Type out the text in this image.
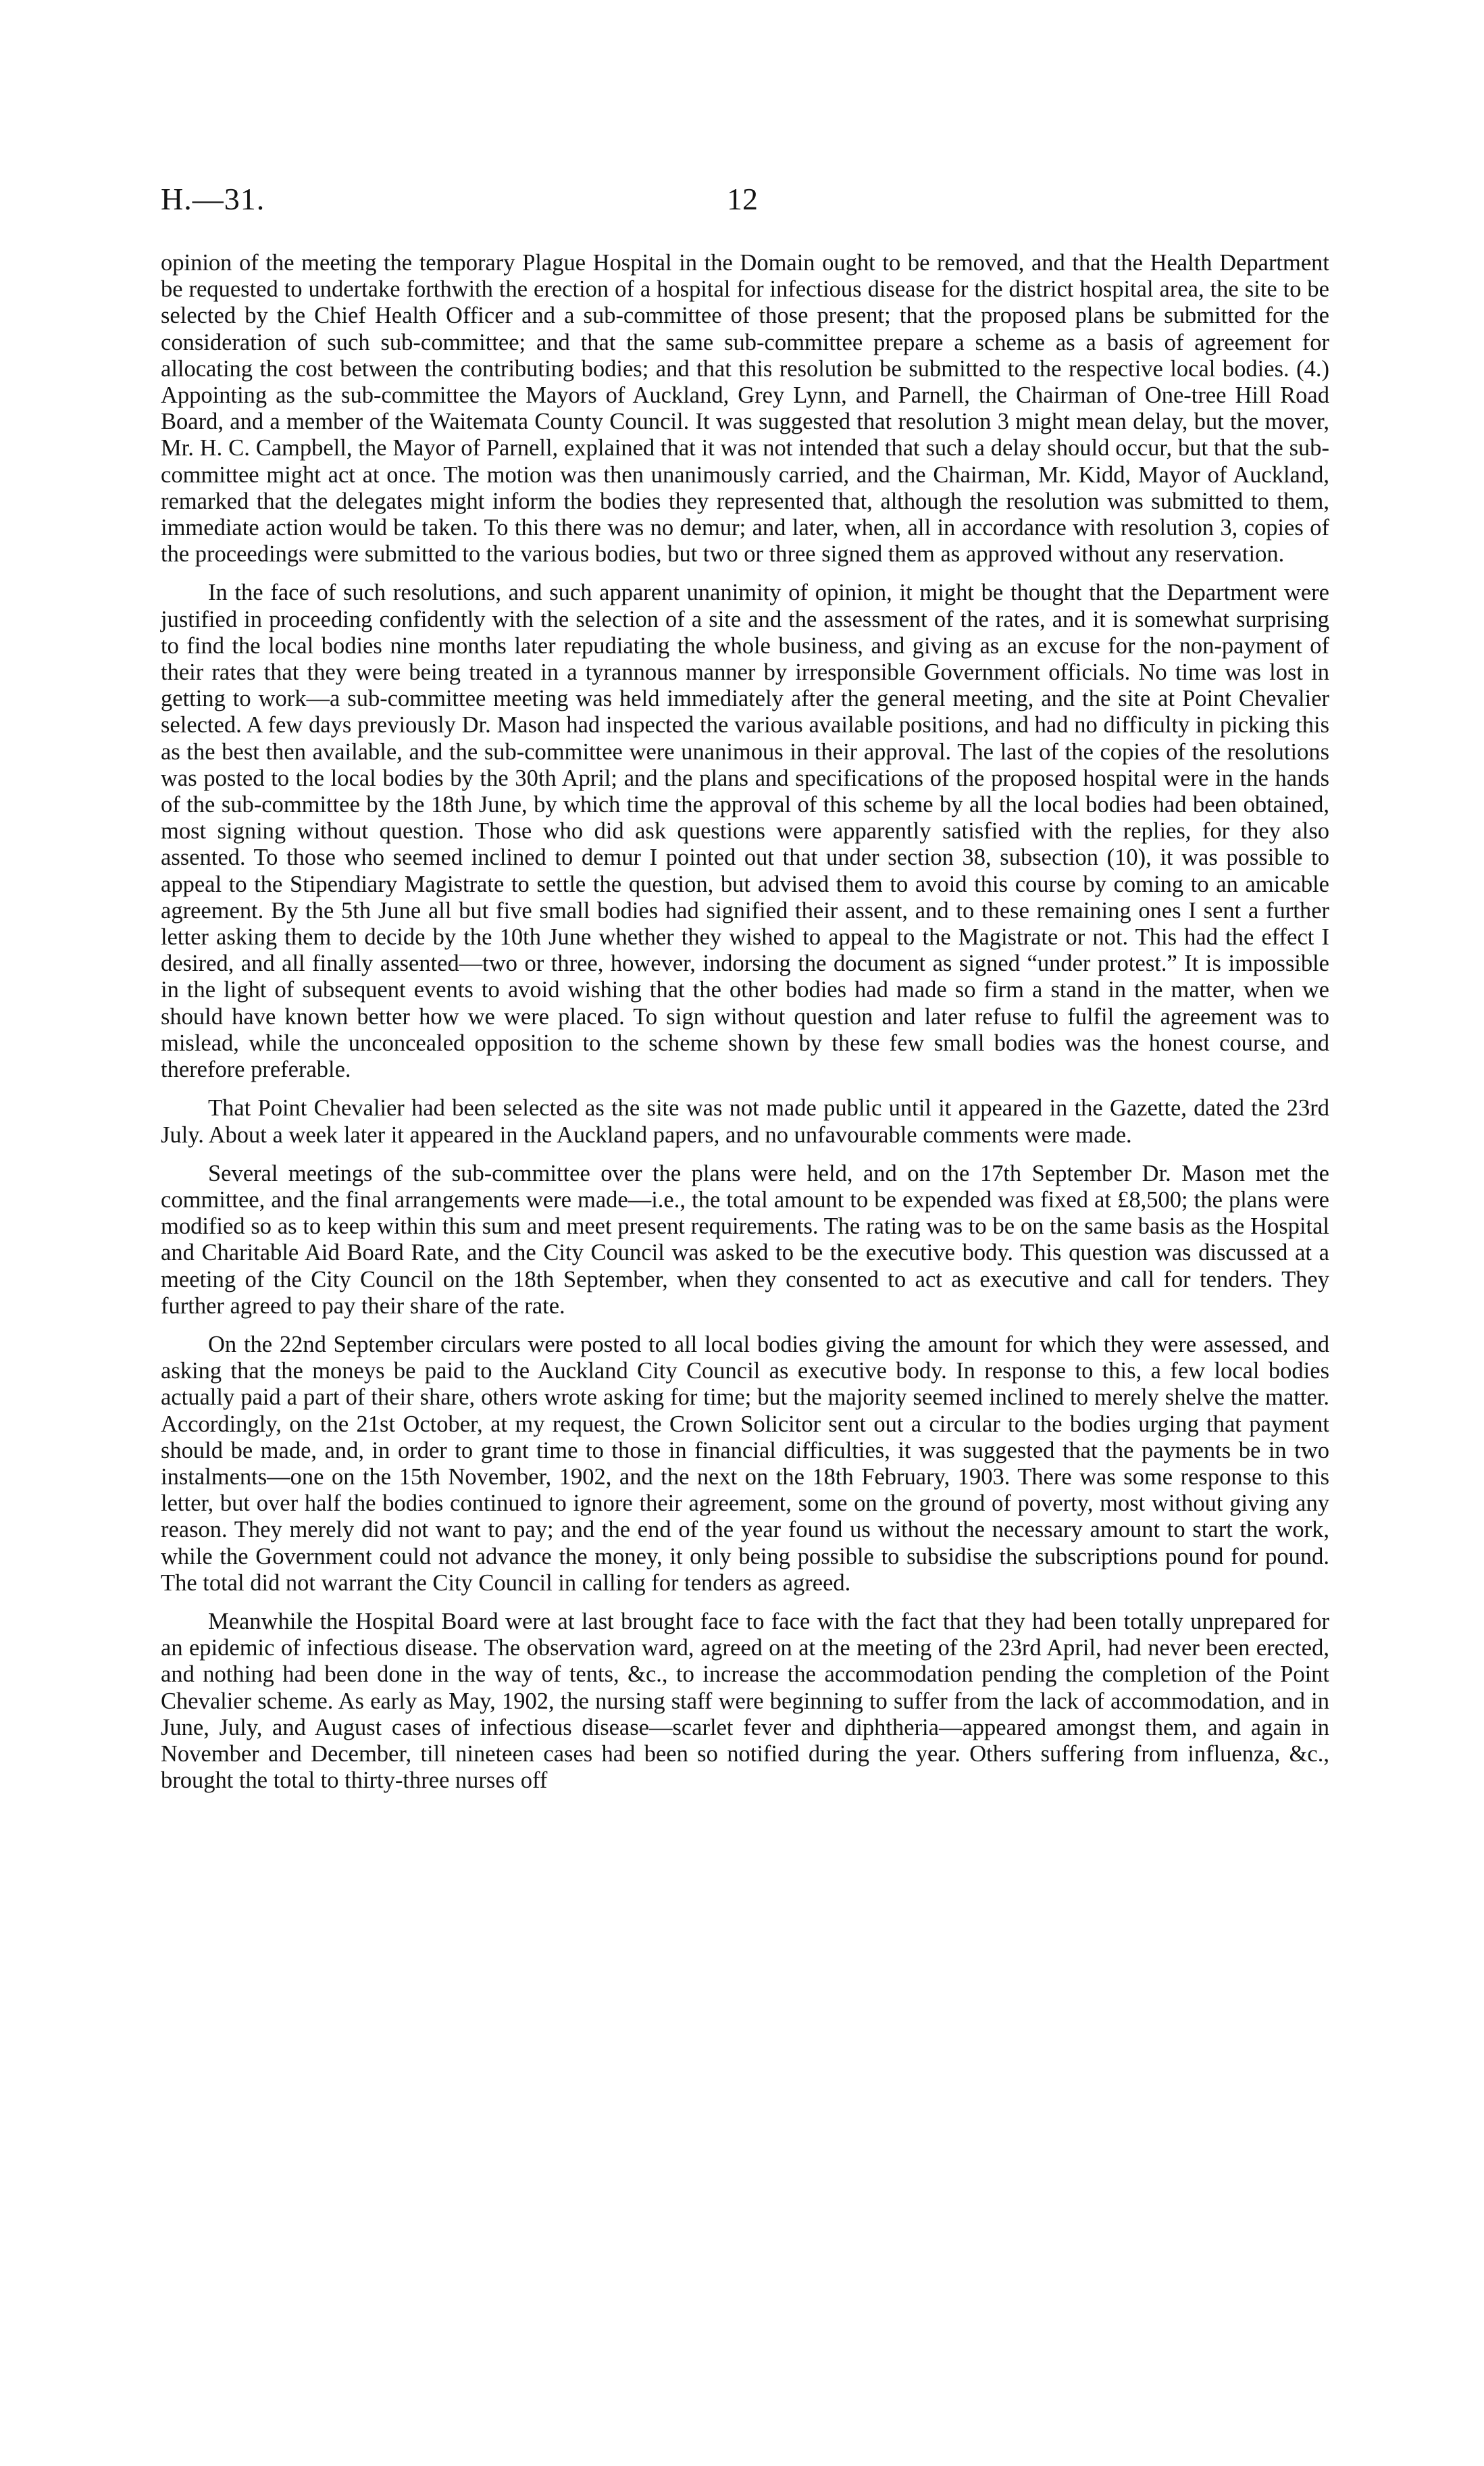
H.—31.	12

opinion of the meeting the temporary Plague Hospital in the Domain ought to be removed, and that the Health Department be requested to undertake forthwith the erection of a hospital for infectious disease for the district hospital area, the site to be selected by the Chief Health Officer and a sub-committee of those present; that the proposed plans be submitted for the consideration of such sub-committee; and that the same sub-committee prepare a scheme as a basis of agreement for allocating the cost between the contributing bodies; and that this resolution be submitted to the respective local bodies. (4.) Appointing as the sub-committee the Mayors of Auckland, Grey Lynn, and Parnell, the Chairman of One-tree Hill Road Board, and a member of the Waitemata County Council. It was suggested that resolution 3 might mean delay, but the mover, Mr. H. C. Campbell, the Mayor of Parnell, explained that it was not intended that such a delay should occur, but that the sub-committee might act at once. The motion was then unanimously carried, and the Chairman, Mr. Kidd, Mayor of Auckland, remarked that the delegates might inform the bodies they represented that, although the resolution was submitted to them, immediate action would be taken. To this there was no demur; and later, when, all in accordance with resolution 3, copies of the proceedings were submitted to the various bodies, but two or three signed them as approved without any reservation.

In the face of such resolutions, and such apparent unanimity of opinion, it might be thought that the Department were justified in proceeding confidently with the selection of a site and the assessment of the rates, and it is somewhat surprising to find the local bodies nine months later repudiating the whole business, and giving as an excuse for the non-payment of their rates that they were being treated in a tyrannous manner by irresponsible Government officials. No time was lost in getting to work—a sub-committee meeting was held immediately after the general meeting, and the site at Point Chevalier selected. A few days previously Dr. Mason had inspected the various available positions, and had no difficulty in picking this as the best then available, and the sub-committee were unanimous in their approval. The last of the copies of the resolutions was posted to the local bodies by the 30th April; and the plans and specifications of the proposed hospital were in the hands of the sub-committee by the 18th June, by which time the approval of this scheme by all the local bodies had been obtained, most signing without question. Those who did ask questions were apparently satisfied with the replies, for they also assented. To those who seemed inclined to demur I pointed out that under section 38, subsection (10), it was possible to appeal to the Stipendiary Magistrate to settle the question, but advised them to avoid this course by coming to an amicable agreement. By the 5th June all but five small bodies had signified their assent, and to these remaining ones I sent a further letter asking them to decide by the 10th June whether they wished to appeal to the Magistrate or not. This had the effect I desired, and all finally assented—two or three, however, indorsing the document as signed “under protest.” It is impossible in the light of subsequent events to avoid wishing that the other bodies had made so firm a stand in the matter, when we should have known better how we were placed. To sign without question and later refuse to fulfil the agreement was to mislead, while the unconcealed opposition to the scheme shown by these few small bodies was the honest course, and therefore preferable.

That Point Chevalier had been selected as the site was not made public until it appeared in the Gazette, dated the 23rd July. About a week later it appeared in the Auckland papers, and no unfavourable comments were made.

Several meetings of the sub-committee over the plans were held, and on the 17th September Dr. Mason met the committee, and the final arrangements were made—i.e., the total amount to be expended was fixed at £8,500; the plans were modified so as to keep within this sum and meet present requirements. The rating was to be on the same basis as the Hospital and Charitable Aid Board Rate, and the City Council was asked to be the executive body. This question was discussed at a meeting of the City Council on the 18th September, when they consented to act as executive and call for tenders. They further agreed to pay their share of the rate.

On the 22nd September circulars were posted to all local bodies giving the amount for which they were assessed, and asking that the moneys be paid to the Auckland City Council as executive body. In response to this, a few local bodies actually paid a part of their share, others wrote asking for time; but the majority seemed inclined to merely shelve the matter. Accordingly, on the 21st October, at my request, the Crown Solicitor sent out a circular to the bodies urging that payment should be made, and, in order to grant time to those in financial difficulties, it was suggested that the payments be in two instalments—one on the 15th November, 1902, and the next on the 18th February, 1903. There was some response to this letter, but over half the bodies continued to ignore their agreement, some on the ground of poverty, most without giving any reason. They merely did not want to pay; and the end of the year found us without the necessary amount to start the work, while the Government could not advance the money, it only being possible to subsidise the subscriptions pound for pound. The total did not warrant the City Council in calling for tenders as agreed.

Meanwhile the Hospital Board were at last brought face to face with the fact that they had been totally unprepared for an epidemic of infectious disease. The observation ward, agreed on at the meeting of the 23rd April, had never been erected, and nothing had been done in the way of tents, &c., to increase the accommodation pending the completion of the Point Chevalier scheme. As early as May, 1902, the nursing staff were beginning to suffer from the lack of accommodation, and in June, July, and August cases of infectious disease—scarlet fever and diphtheria—appeared amongst them, and again in November and December, till nineteen cases had been so notified during the year. Others suffering from influenza, &c., brought the total to thirty-three nurses off
